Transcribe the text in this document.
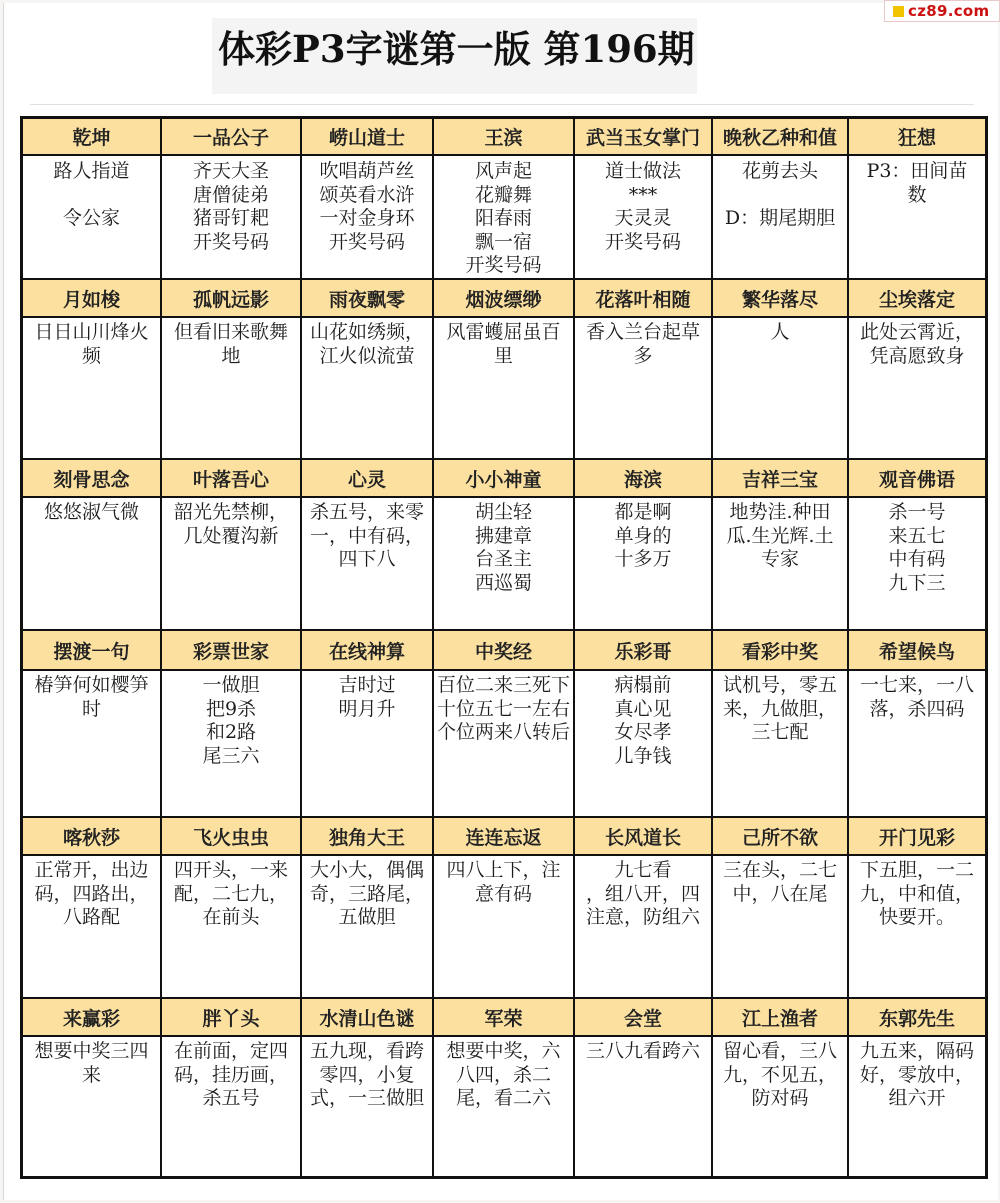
体彩P3字谜第一版 第196期
cz89.com
乾坤
路人指道

令公家
一品公子
齐天大圣
唐僧徒弟
猪哥钉耙
开奖号码
崂山道士
吹唱葫芦丝
颂英看水浒
一对金身环
开奖号码
王滨
风声起
花瓣舞
阳春雨
飘一宿
开奖号码
武当玉女掌门
道士做法
***
天灵灵
开奖号码
晚秋乙种和值
花剪去头

D：期尾期胆
狂想
P3：田间苗
数
月如梭
日日山川烽火
频
孤帆远影
但看旧来歌舞
地
雨夜飘零
山花如绣频，
江火似流萤
烟波缥缈
风雷蠖屈虽百
里
花落叶相随
香入兰台起草
多
繁华落尽
人
尘埃落定
此处云霄近，
凭高愿致身
刻骨思念
悠悠淑气微
叶落吾心
韶光先禁柳，
几处覆沟新
心灵
杀五号，来零
一，中有码，
四下八
小小神童
胡尘轻
拂建章
台圣主
西巡蜀
海滨
都是啊
单身的
十多万
吉祥三宝
地势洼.种田
瓜.生光辉.土
专家
观音佛语
杀一号
来五七
中有码
九下三
摆渡一句
椿笋何如樱笋
时
彩票世家
一做胆
把9杀
和2路
尾三六
在线神算
吉时过
明月升
中奖经
百位二来三死下
十位五七一左右
个位两来八转后
乐彩哥
病榻前
真心见
女尽孝
儿争钱
看彩中奖
试机号，零五
来，九做胆，
三七配
希望候鸟
一七来，一八
落，杀四码
喀秋莎
正常开，出边
码，四路出，
八路配
飞火虫虫
四开头，一来
配，二七九，
在前头
独角大王
大小大，偶偶
奇，三路尾，
五做胆
连连忘返
四八上下，注
意有码
长风道长
九七看
，组八开，四
注意，防组六
己所不欲
三在头，二七
中，八在尾
开门见彩
下五胆，一二
九，中和值，
快要开。
来赢彩
想要中奖三四
来
胖丫头
在前面，定四
码，挂历画，
杀五号
水清山色谜
五九现，看跨
零四，小复
式，一三做胆
军荣
想要中奖，六
八四，杀二
尾，看二六
会堂
三八九看跨六
江上渔者
留心看，三八
九，不见五，
防对码
东郭先生
九五来，隔码
好，零放中，
组六开
